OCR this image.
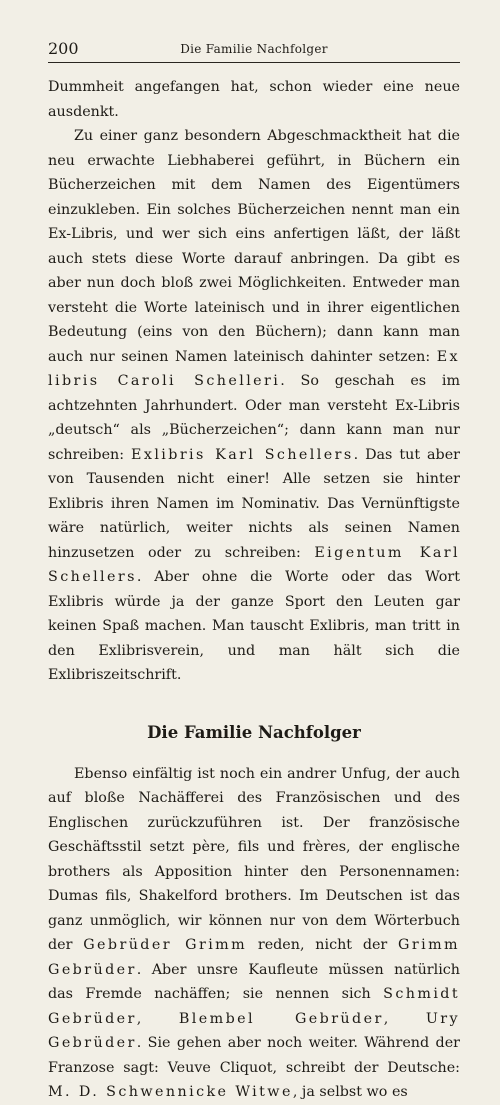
200	Die Familie Nachfolger

Dummheit angefangen hat, schon wieder eine neue ausdenkt.

Zu einer ganz besondern Abgeschmacktheit hat die neu erwachte Liebhaberei geführt, in Büchern ein Bücherzeichen mit dem Namen des Eigentümers einzukleben. Ein solches Bücherzeichen nennt man ein Ex-Libris, und wer sich eins anfertigen läßt, der läßt auch stets diese Worte darauf anbringen. Da gibt es aber nun doch bloß zwei Möglichkeiten. Entweder man versteht die Worte lateinisch und in ihrer eigentlichen Bedeutung (eins von den Büchern); dann kann man auch nur seinen Namen lateinisch dahinter setzen: Ex libris Caroli Schelleri. So geschah es im achtzehnten Jahrhundert. Oder man versteht Ex-Libris „deutsch“ als „Bücherzeichen“; dann kann man nur schreiben: Exlibris Karl Schellers. Das tut aber von Tausenden nicht einer! Alle setzen sie hinter Exlibris ihren Namen im Nominativ. Das Vernünftigste wäre natürlich, weiter nichts als seinen Namen hinzusetzen oder zu schreiben: Eigentum Karl Schellers. Aber ohne die Worte oder das Wort Exlibris würde ja der ganze Sport den Leuten gar keinen Spaß machen. Man tauscht Exlibris, man tritt in den Exlibrisverein, und man hält sich die Exlibriszeitschrift.

Die Familie Nachfolger

Ebenso einfältig ist noch ein andrer Unfug, der auch auf bloße Nachäfferei des Französischen und des Englischen zurückzuführen ist. Der französische Geschäftsstil setzt père, fils und frères, der englische brothers als Apposition hinter den Personennamen: Dumas fils, Shakelford brothers. Im Deutschen ist das ganz unmöglich, wir können nur von dem Wörterbuch der Gebrüder Grimm reden, nicht der Grimm Gebrüder. Aber unsre Kaufleute müssen natürlich das Fremde nachäffen; sie nennen sich Schmidt Gebrüder, Blembel Gebrüder, Ury Gebrüder. Sie gehen aber noch weiter. Während der Franzose sagt: Veuve Cliquot, schreibt der Deutsche: M. D. Schwennicke Witwe, ja selbst wo es
